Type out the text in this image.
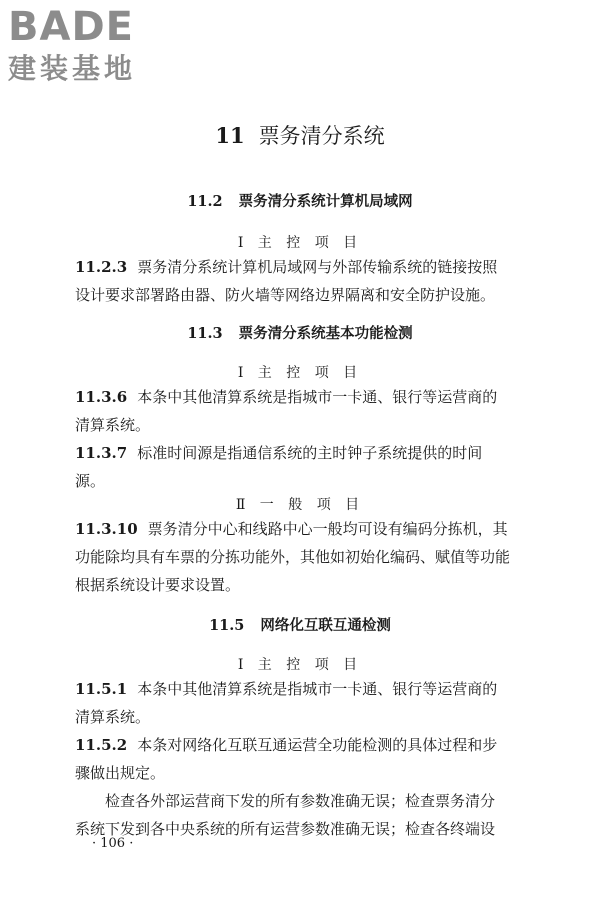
BADE
建装基地
11 票务清分系统
11.2 票务清分系统计算机局域网
Ⅰ 主 控 项 目
11.2.3 票务清分系统计算机局域网与外部传输系统的链接按照
设计要求部署路由器、防火墙等网络边界隔离和安全防护设施。
11.3 票务清分系统基本功能检测
Ⅰ 主 控 项 目
11.3.6 本条中其他清算系统是指城市一卡通、银行等运营商的
清算系统。
11.3.7 标准时间源是指通信系统的主时钟子系统提供的时间
源。
Ⅱ 一 般 项 目
11.3.10 票务清分中心和线路中心一般均可设有编码分拣机，其
功能除均具有车票的分拣功能外，其他如初始化编码、赋值等功能
根据系统设计要求设置。
11.5 网络化互联互通检测
Ⅰ 主 控 项 目
11.5.1 本条中其他清算系统是指城市一卡通、银行等运营商的
清算系统。
11.5.2 本条对网络化互联互通运营全功能检测的具体过程和步
骤做出规定。
检查各外部运营商下发的所有参数准确无误；检查票务清分
系统下发到各中央系统的所有运营参数准确无误；检查各终端设
· 106 ·
